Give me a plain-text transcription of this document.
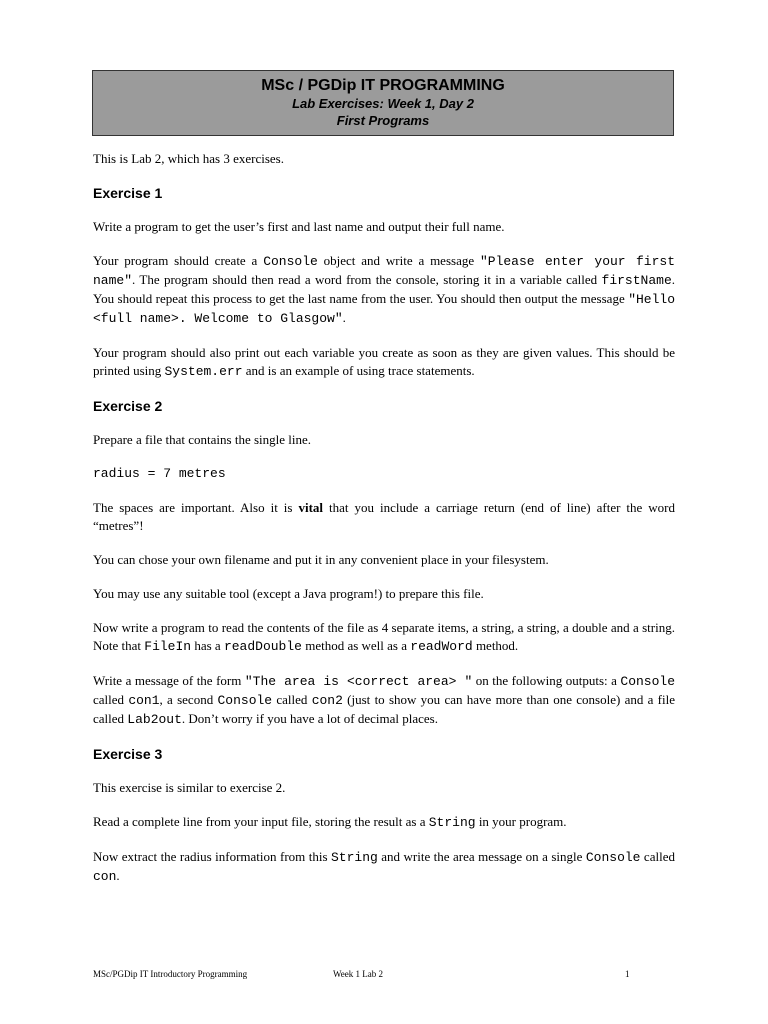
MSc / PGDip IT PROGRAMMING
Lab Exercises: Week 1, Day 2
First Programs

This is Lab 2, which has 3 exercises.

Exercise 1

Write a program to get the user’s first and last name and output their full name.

Your program should create a Console object and write a message "Please enter your first name". The program should then read a word from the console, storing it in a variable called firstName. You should repeat this process to get the last name from the user. You should then output the message "Hello <full name>. Welcome to Glasgow".

Your program should also print out each variable you create as soon as they are given values. This should be printed using System.err and is an example of using trace statements.

Exercise 2

Prepare a file that contains the single line.

radius = 7 metres

The spaces are important. Also it is vital that you include a carriage return (end of line) after the word “metres”!

You can chose your own filename and put it in any convenient place in your filesystem.

You may use any suitable tool (except a Java program!) to prepare this file.

Now write a program to read the contents of the file as 4 separate items, a string, a string, a double and a string. Note that FileIn has a readDouble method as well as a readWord method.

Write a message of the form "The area is <correct area> " on the following outputs: a Console called con1, a second Console called con2 (just to show you can have more than one console) and a file called Lab2out. Don’t worry if you have a lot of decimal places.

Exercise 3

This exercise is similar to exercise 2.

Read a complete line from your input file, storing the result as a String in your program.

Now extract the radius information from this String and write the area message on a single Console called con.

MSc/PGDip IT Introductory Programming	Week 1 Lab 2	1
